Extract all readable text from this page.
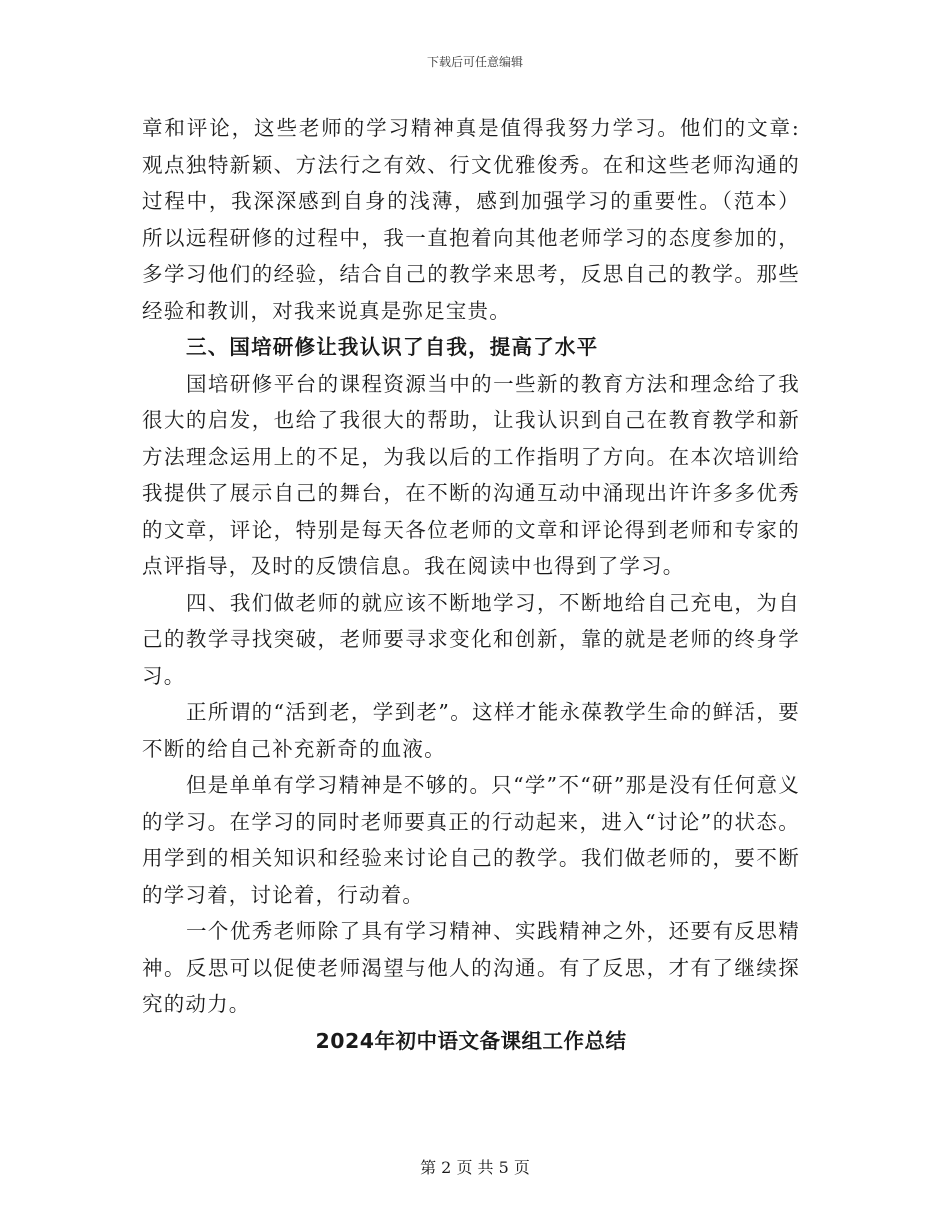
下载后可任意编辑

章和评论，这些老师的学习精神真是值得我努力学习。他们的文章:观点独特新颖、方法行之有效、行文优雅俊秀。在和这些老师沟通的过程中，我深深感到自身的浅薄，感到加强学习的重要性。（范本）所以远程研修的过程中，我一直抱着向其他老师学习的态度参加的，多学习他们的经验，结合自己的教学来思考，反思自己的教学。那些经验和教训，对我来说真是弥足宝贵。

三、国培研修让我认识了自我，提高了水平

国培研修平台的课程资源当中的一些新的教育方法和理念给了我很大的启发，也给了我很大的帮助，让我认识到自己在教育教学和新方法理念运用上的不足，为我以后的工作指明了方向。在本次培训给我提供了展示自己的舞台，在不断的沟通互动中涌现出许许多多优秀的文章，评论，特别是每天各位老师的文章和评论得到老师和专家的点评指导，及时的反馈信息。我在阅读中也得到了学习。

四、我们做老师的就应该不断地学习，不断地给自己充电，为自己的教学寻找突破，老师要寻求变化和创新，靠的就是老师的终身学习。

正所谓的“活到老，学到老”。这样才能永葆教学生命的鲜活，要不断的给自己补充新奇的血液。

但是单单有学习精神是不够的。只“学”不“研”那是没有任何意义的学习。在学习的同时老师要真正的行动起来，进入“讨论”的状态。用学到的相关知识和经验来讨论自己的教学。我们做老师的，要不断的学习着，讨论着，行动着。

一个优秀老师除了具有学习精神、实践精神之外，还要有反思精神。反思可以促使老师渴望与他人的沟通。有了反思，才有了继续探究的动力。

2024年初中语文备课组工作总结

第 2 页 共 5 页
